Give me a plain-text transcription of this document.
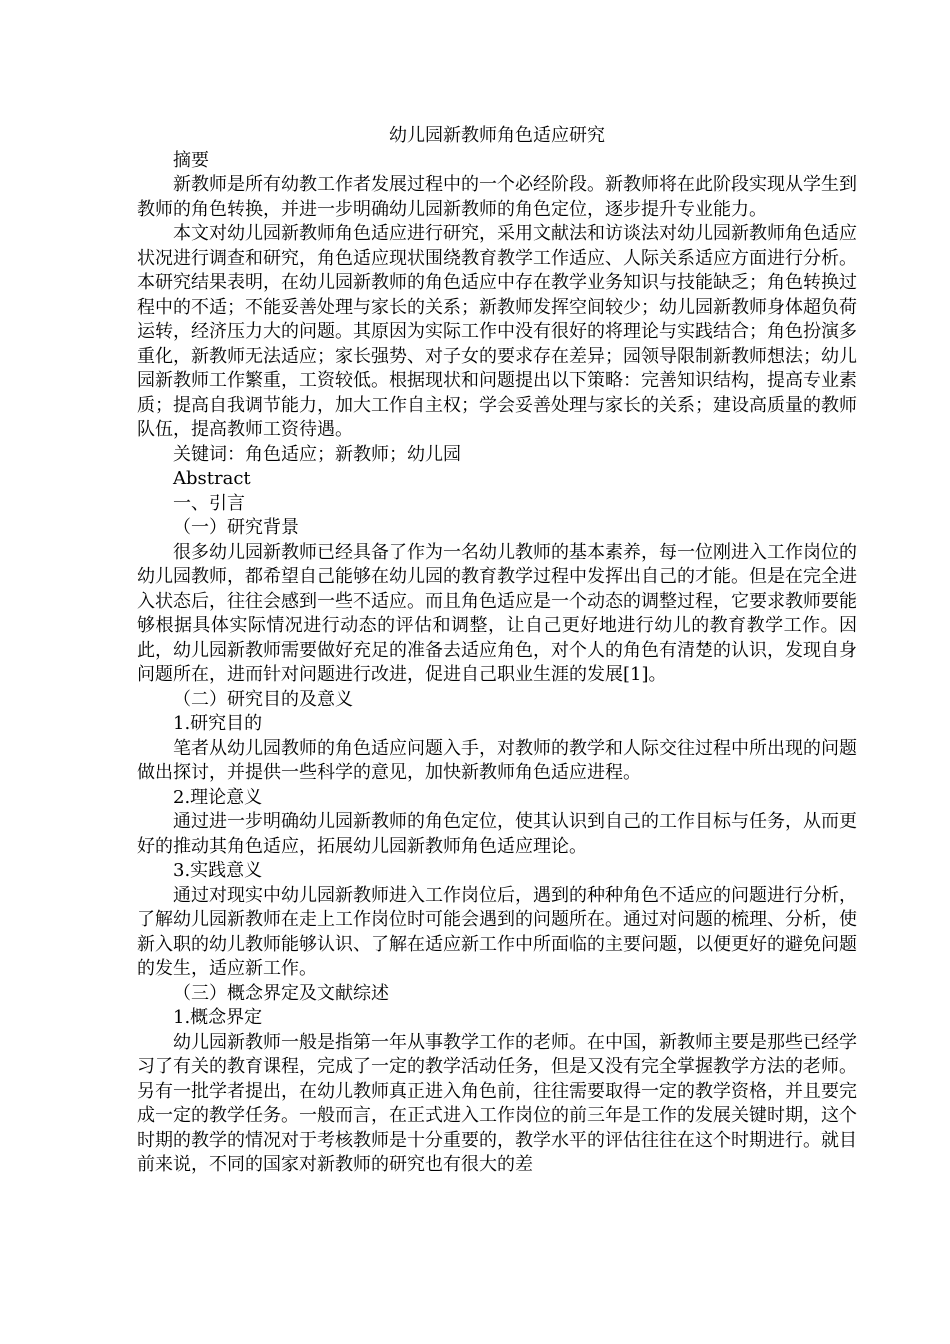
幼儿园新教师角色适应研究

摘要

新教师是所有幼教工作者发展过程中的一个必经阶段。新教师将在此阶段实现从学生到教师的角色转换，并进一步明确幼儿园新教师的角色定位，逐步提升专业能力。

本文对幼儿园新教师角色适应进行研究，采用文献法和访谈法对幼儿园新教师角色适应状况进行调查和研究，角色适应现状围绕教育教学工作适应、人际关系适应方面进行分析。本研究结果表明，在幼儿园新教师的角色适应中存在教学业务知识与技能缺乏；角色转换过程中的不适；不能妥善处理与家长的关系；新教师发挥空间较少；幼儿园新教师身体超负荷运转，经济压力大的问题。其原因为实际工作中没有很好的将理论与实践结合；角色扮演多重化，新教师无法适应；家长强势、对子女的要求存在差异；园领导限制新教师想法；幼儿园新教师工作繁重，工资较低。根据现状和问题提出以下策略：完善知识结构，提高专业素质；提高自我调节能力，加大工作自主权；学会妥善处理与家长的关系；建设高质量的教师队伍，提高教师工资待遇。

关键词：角色适应；新教师；幼儿园

Abstract

一、引言

（一）研究背景

很多幼儿园新教师已经具备了作为一名幼儿教师的基本素养，每一位刚进入工作岗位的幼儿园教师，都希望自己能够在幼儿园的教育教学过程中发挥出自己的才能。但是在完全进入状态后，往往会感到一些不适应。而且角色适应是一个动态的调整过程，它要求教师要能够根据具体实际情况进行动态的评估和调整，让自己更好地进行幼儿的教育教学工作。因此，幼儿园新教师需要做好充足的准备去适应角色，对个人的角色有清楚的认识，发现自身问题所在，进而针对问题进行改进，促进自己职业生涯的发展[1]。

（二）研究目的及意义

1.研究目的

笔者从幼儿园教师的角色适应问题入手，对教师的教学和人际交往过程中所出现的问题做出探讨，并提供一些科学的意见，加快新教师角色适应进程。

2.理论意义

通过进一步明确幼儿园新教师的角色定位，使其认识到自己的工作目标与任务，从而更好的推动其角色适应，拓展幼儿园新教师角色适应理论。

3.实践意义

通过对现实中幼儿园新教师进入工作岗位后，遇到的种种角色不适应的问题进行分析，了解幼儿园新教师在走上工作岗位时可能会遇到的问题所在。通过对问题的梳理、分析，使新入职的幼儿教师能够认识、了解在适应新工作中所面临的主要问题，以便更好的避免问题的发生，适应新工作。

（三）概念界定及文献综述

1.概念界定

幼儿园新教师一般是指第一年从事教学工作的老师。在中国，新教师主要是那些已经学习了有关的教育课程，完成了一定的教学活动任务，但是又没有完全掌握教学方法的老师。另有一批学者提出，在幼儿教师真正进入角色前，往往需要取得一定的教学资格，并且要完成一定的教学任务。一般而言，在正式进入工作岗位的前三年是工作的发展关键时期，这个时期的教学的情况对于考核教师是十分重要的，教学水平的评估往往在这个时期进行。就目前来说，不同的国家对新教师的研究也有很大的差
